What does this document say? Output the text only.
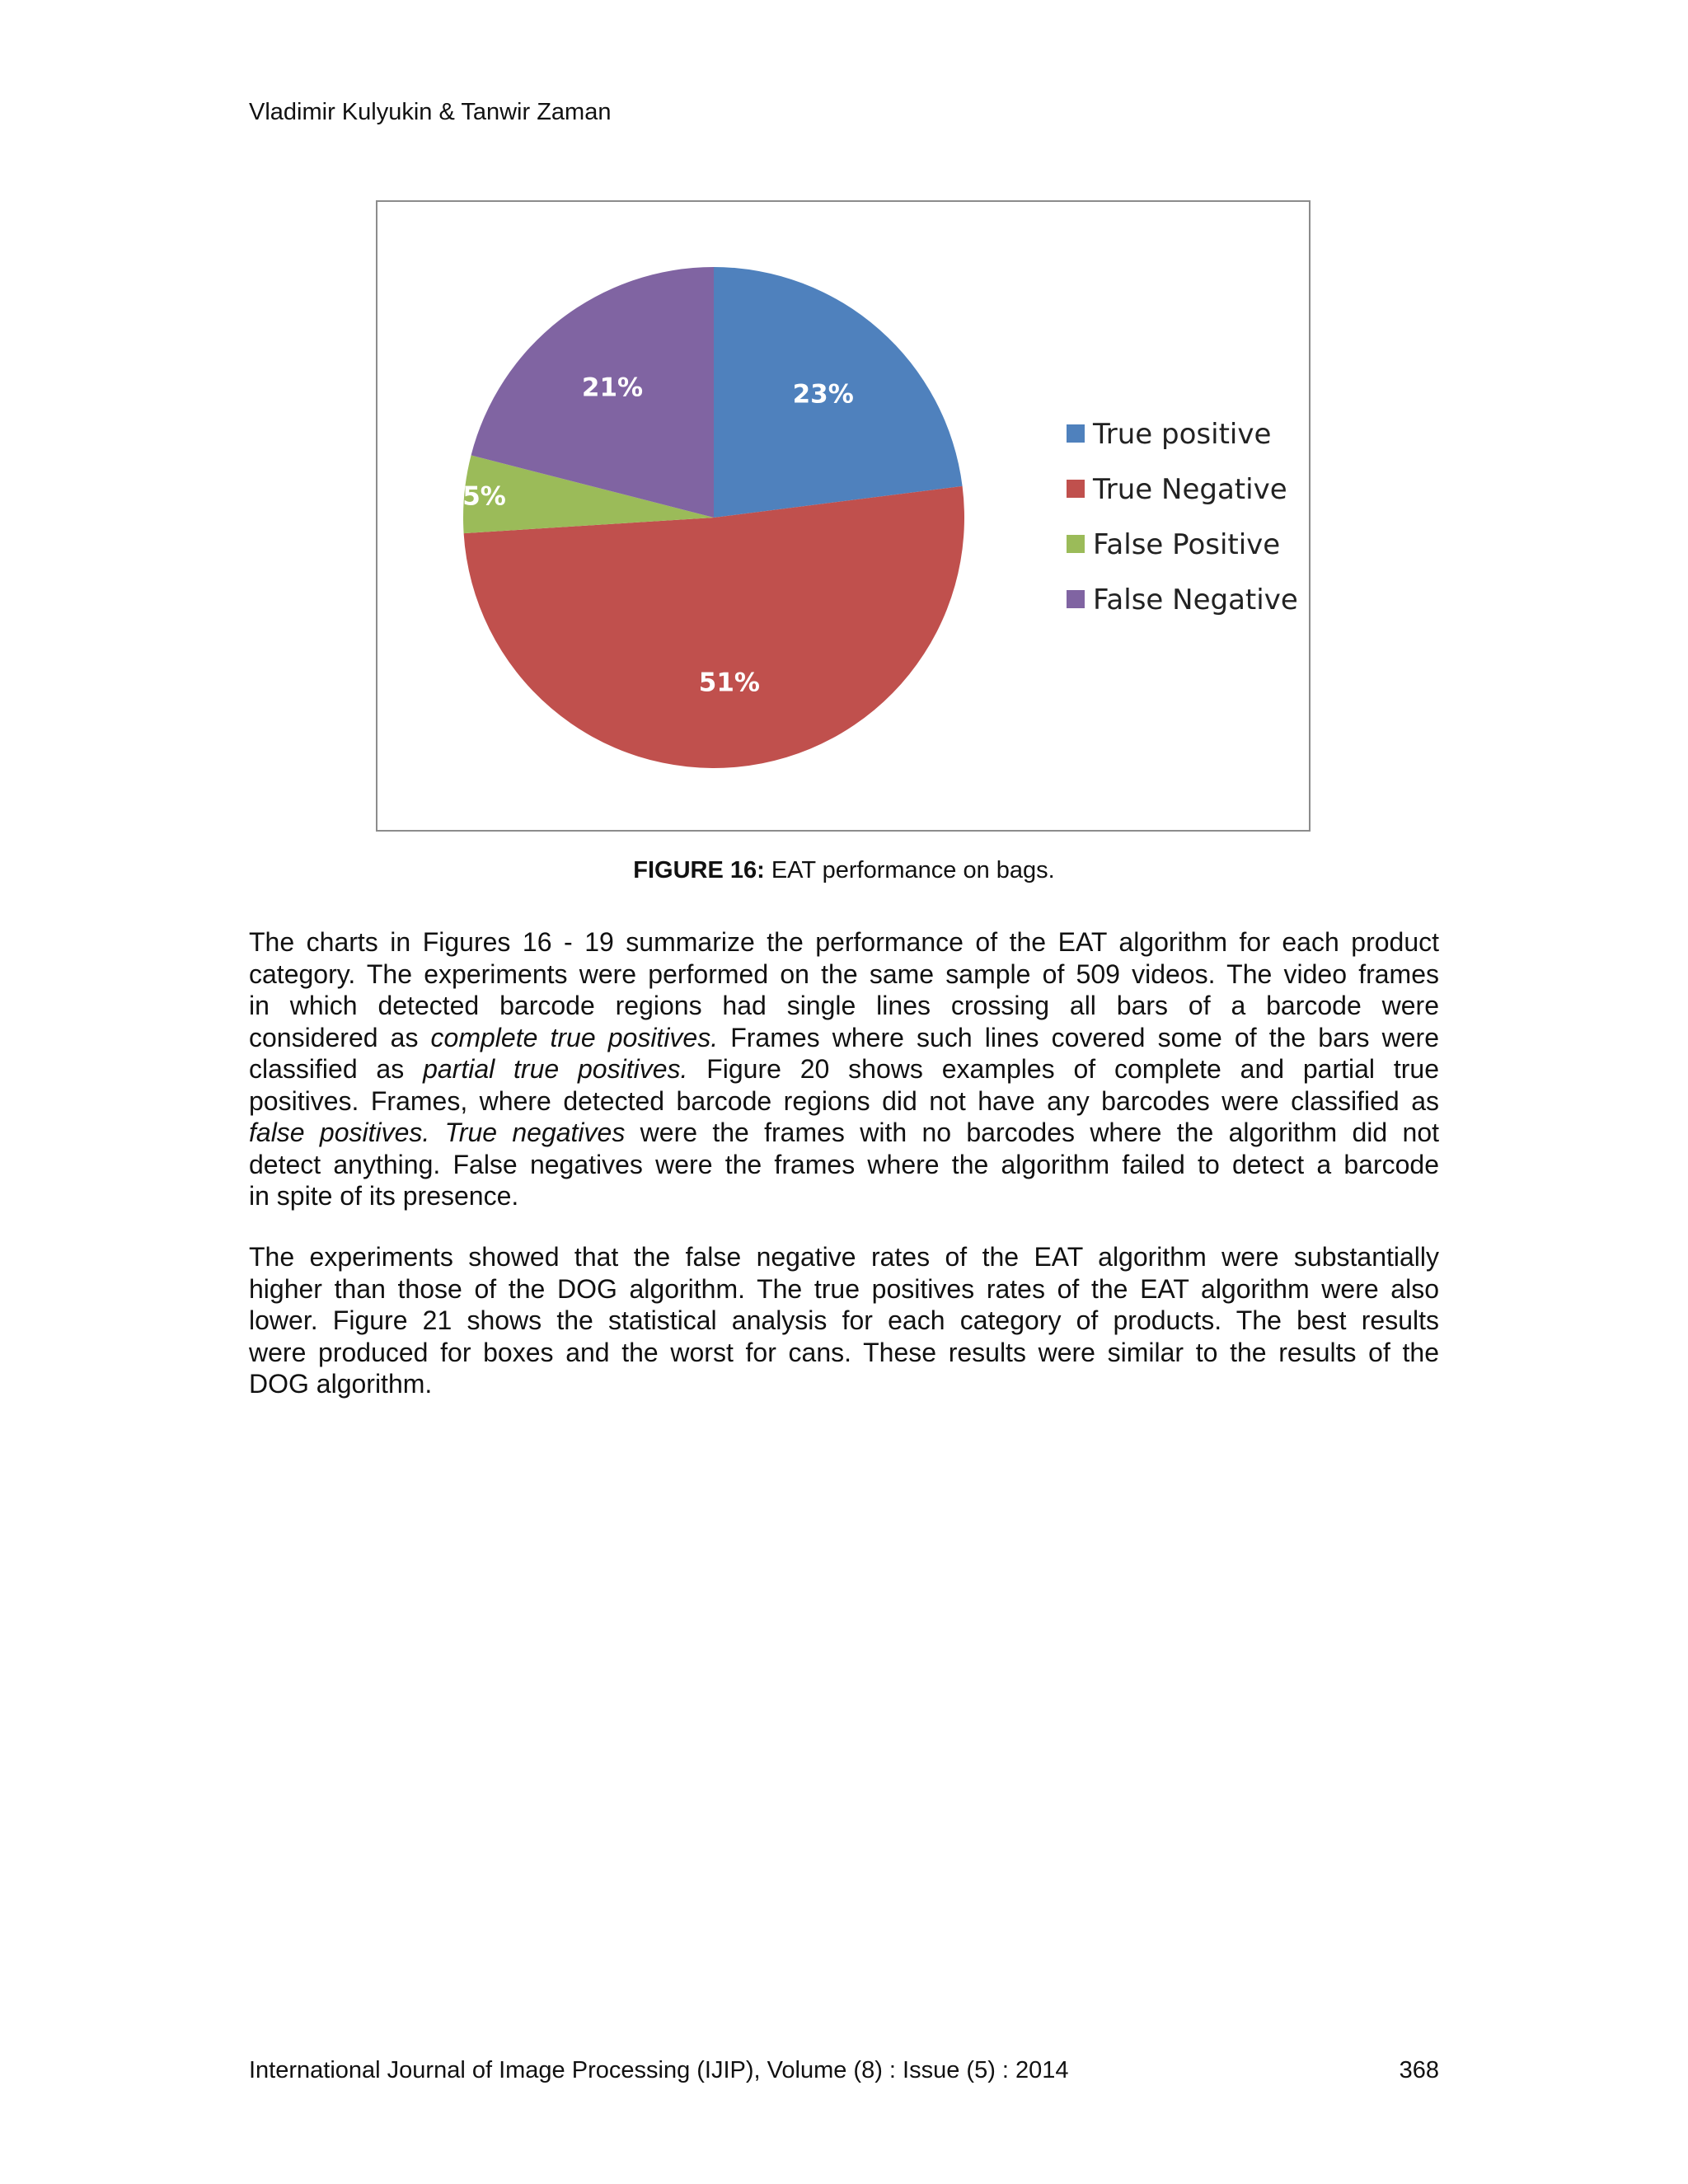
Vladimir Kulyukin & Tanwir Zaman
23%
51%
5%
21%
True positive
True Negative
False Positive
False Negative
FIGURE 16: EAT performance on bags.
The charts in Figures 16 - 19 summarize the performance of the EAT algorithm for each product
category. The experiments were performed on the same sample of 509 videos. The video frames
in which detected barcode regions had single lines crossing all bars of a barcode were
considered as complete true positives. Frames where such lines covered some of the bars were
classified as partial true positives. Figure 20 shows examples of complete and partial true
positives. Frames, where detected barcode regions did not have any barcodes were classified as
false positives. True negatives were the frames with no barcodes where the algorithm did not
detect anything. False negatives were the frames where the algorithm failed to detect a barcode
in spite of its presence.
The experiments showed that the false negative rates of the EAT algorithm were substantially
higher than those of the DOG algorithm. The true positives rates of the EAT algorithm were also
lower. Figure 21 shows the statistical analysis for each category of products. The best results
were produced for boxes and the worst for cans. These results were similar to the results of the
DOG algorithm.
International Journal of Image Processing (IJIP), Volume (8) : Issue (5) : 2014	368
